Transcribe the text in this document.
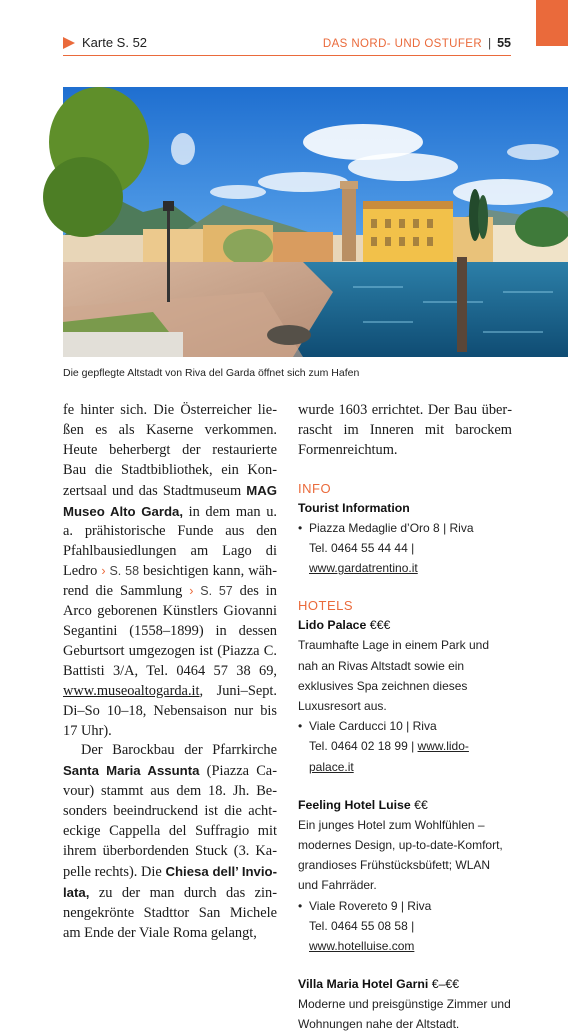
Karte S. 52	DAS NORD- UND OSTUFER | 55
Die gepflegte Altstadt von Riva del Garda öffnet sich zum Hafen

fe hinter sich. Die Österreicher ließen es als Kaserne verkommen. Heute beherbergt der restaurierte Bau die Stadtbibliothek, ein Konzertsaal und das Stadtmuseum MAG Museo Alto Garda, in dem man u. a. prähistorische Funde aus den Pfahlbausiedlungen am Lago di Ledro › S. 58 besichtigen kann, während die Sammlung › S. 57 des in Arco geborenen Künstlers Giovanni Segantini (1558–1899) in dessen Geburtsort umgezogen ist (Piazza C. Battisti 3/A, Tel. 0464 57 38 69, www.museoaltogarda.it, Juni–Sept. Di–So 10–18, Nebensaison nur bis 17 Uhr).

Der Barockbau der Pfarrkirche Santa Maria Assunta (Piazza Cavour) stammt aus dem 18. Jh. Besonders beeindruckend ist die achteckige Cappella del Suffragio mit ihrem überbordenden Stuck (3. Kapelle rechts). Die Chiesa dell’ Inviolata, zu der man durch das zinnengekrönte Stadttor San Michele am Ende der Viale Roma gelangt,

wurde 1603 errichtet. Der Bau überrascht im Inneren mit barockem Formenreichtum.
INFO
Tourist Information
• Piazza Medaglie d’Oro 8 | Riva
Tel. 0464 55 44 44 | www.gardatrentino.it
HOTELS
Lido Palace €€€
Traumhafte Lage in einem Park und nah an Rivas Altstadt sowie ein exklusives Spa zeichnen dieses Luxusresort aus.
• Viale Carducci 10 | Riva
Tel. 0464 02 18 99 | www.lido-palace.it
Feeling Hotel Luise €€
Ein junges Hotel zum Wohlfühlen – modernes Design, up-to-date-Komfort, grandioses Frühstücksbüfett; WLAN und Fahrräder.
• Viale Rovereto 9 | Riva
Tel. 0464 55 08 58 | www.hotelluise.com
Villa Maria Hotel Garni €–€€
Moderne und preisgünstige Zimmer und Wohnungen nahe der Altstadt.
